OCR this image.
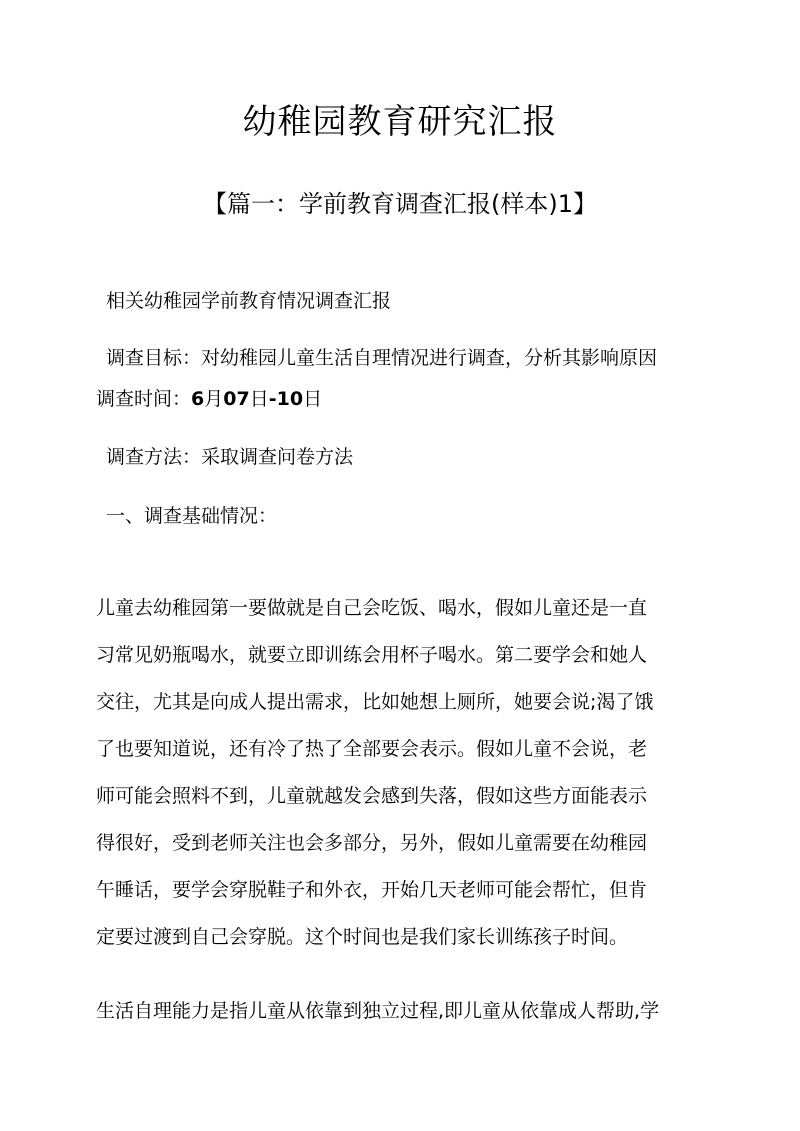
幼稚园教育研究汇报
【篇一：学前教育调查汇报(样本)1】
相关幼稚园学前教育情况调查汇报
调查目标：对幼稚园儿童生活自理情况进行调查，分析其影响原因
调查时间：6月07日-10日
调查方法：采取调查问卷方法
一、调查基础情况：
儿童去幼稚园第一要做就是自己会吃饭、喝水，假如儿童还是一直
习常见奶瓶喝水，就要立即训练会用杯子喝水。第二要学会和她人
交往，尤其是向成人提出需求，比如她想上厕所，她要会说;渴了饿
了也要知道说，还有冷了热了全部要会表示。假如儿童不会说，老
师可能会照料不到，儿童就越发会感到失落，假如这些方面能表示
得很好，受到老师关注也会多部分，另外，假如儿童需要在幼稚园
午睡话，要学会穿脱鞋子和外衣，开始几天老师可能会帮忙，但肯
定要过渡到自己会穿脱。这个时间也是我们家长训练孩子时间。
生活自理能力是指儿童从依靠到独立过程,即儿童从依靠成人帮助,学
